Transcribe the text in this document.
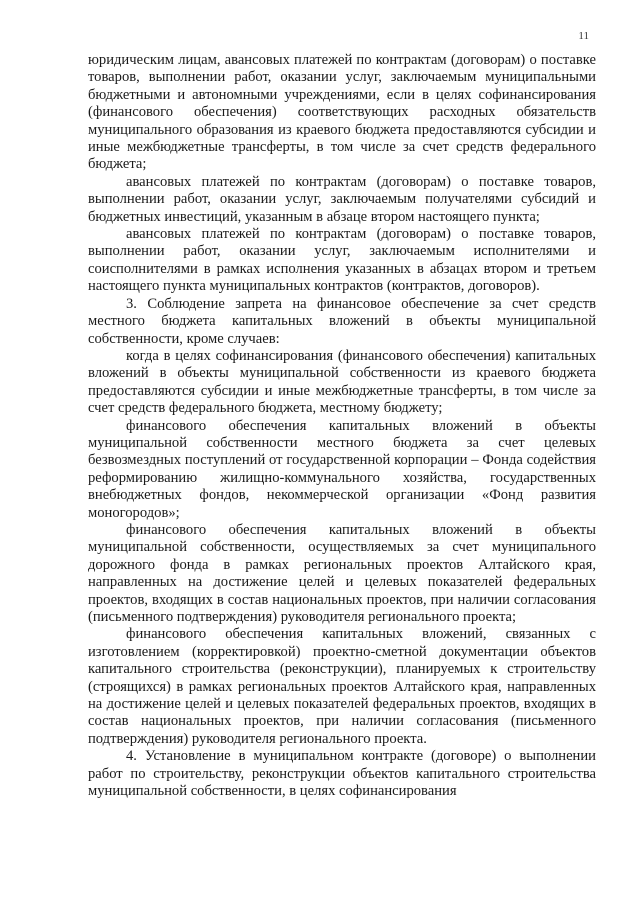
11

юридическим лицам, авансовых платежей по контрактам (договорам) о поставке товаров, выполнении работ, оказании услуг, заключаемым муниципальными бюджетными и автономными учреждениями, если в целях софинансирования (финансового обеспечения) соответствующих расходных обязательств муниципального образования из краевого бюджета предоставляются субсидии и иные межбюджетные трансферты, в том числе за счет средств федерального бюджета;

авансовых платежей по контрактам (договорам) о поставке товаров, выполнении работ, оказании услуг, заключаемым получателями субсидий и бюджетных инвестиций, указанным в абзаце втором настоящего пункта;

авансовых платежей по контрактам (договорам) о поставке товаров, выполнении работ, оказании услуг, заключаемым исполнителями и соисполнителями в рамках исполнения указанных в абзацах втором и третьем настоящего пункта муниципальных контрактов (контрактов, договоров).

3. Соблюдение запрета на финансовое обеспечение за счет средств местного бюджета капитальных вложений в объекты муниципальной собственности, кроме случаев:

когда в целях софинансирования (финансового обеспечения) капитальных вложений в объекты муниципальной собственности из краевого бюджета предоставляются субсидии и иные межбюджетные трансферты, в том числе за счет средств федерального бюджета, местному бюджету;

финансового обеспечения капитальных вложений в объекты муниципальной собственности местного бюджета за счет целевых безвозмездных поступлений от государственной корпорации – Фонда содействия реформированию жилищно-коммунального хозяйства, государственных внебюджетных фондов, некоммерческой организации «Фонд развития моногородов»;

финансового обеспечения капитальных вложений в объекты муниципальной собственности, осуществляемых за счет муниципального дорожного фонда в рамках региональных проектов Алтайского края, направленных на достижение целей и целевых показателей федеральных проектов, входящих в состав национальных проектов, при наличии согласования (письменного подтверждения) руководителя регионального проекта;

финансового обеспечения капитальных вложений, связанных с изготовлением (корректировкой) проектно-сметной документации объектов капитального строительства (реконструкции), планируемых к строительству (строящихся) в рамках региональных проектов Алтайского края, направленных на достижение целей и целевых показателей федеральных проектов, входящих в состав национальных проектов, при наличии согласования (письменного подтверждения) руководителя регионального проекта.

4. Установление в муниципальном контракте (договоре) о выполнении работ по строительству, реконструкции объектов капитального строительства муниципальной собственности, в целях софинансирования
